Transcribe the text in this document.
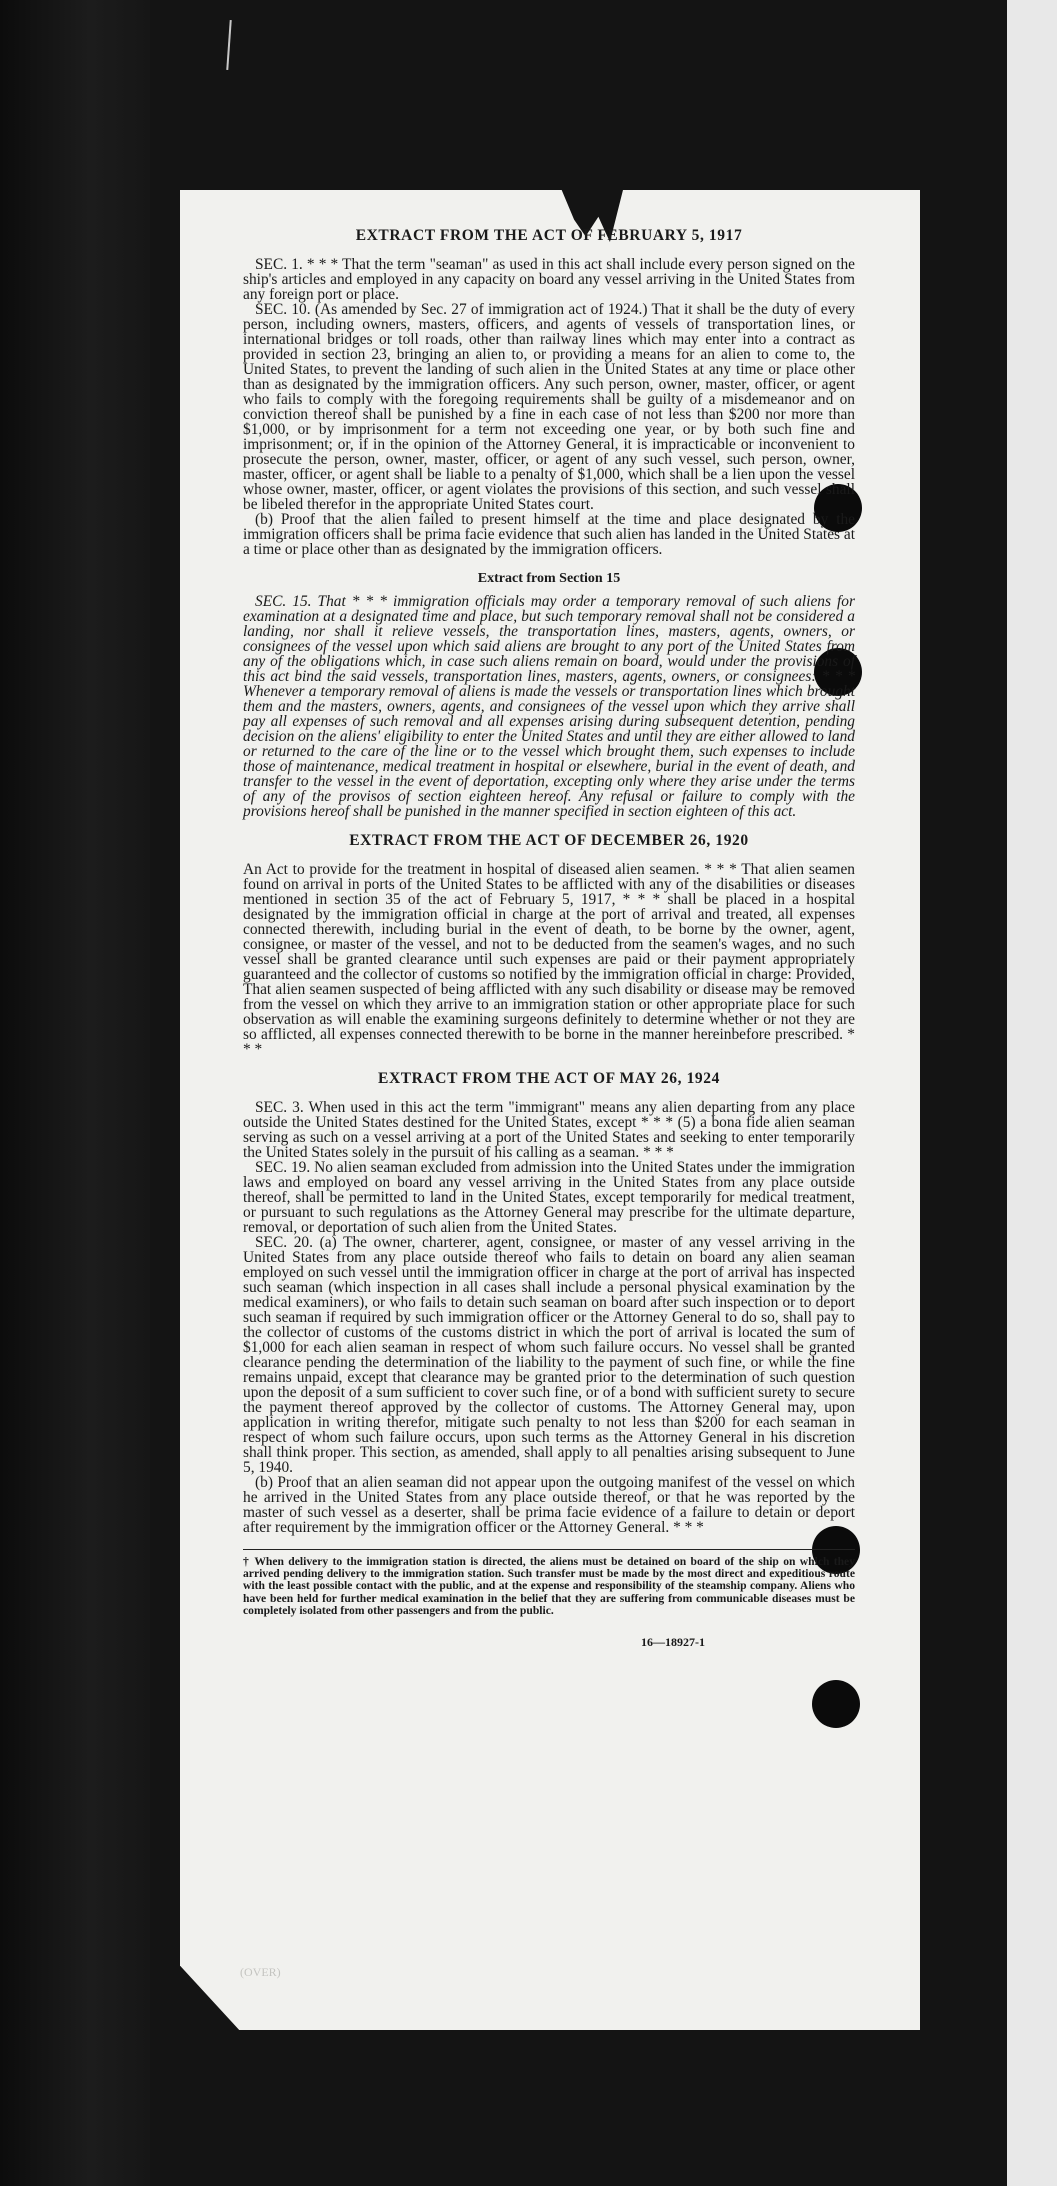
EXTRACT FROM THE ACT OF FEBRUARY 5, 1917

SEC. 1. * * * That the term "seaman" as used in this act shall include every person signed on the ship's articles and employed in any capacity on board any vessel arriving in the United States from any foreign port or place.

SEC. 10. (As amended by Sec. 27 of immigration act of 1924.) That it shall be the duty of every person, including owners, masters, officers, and agents of vessels of transportation lines, or international bridges or toll roads, other than railway lines which may enter into a contract as provided in section 23, bringing an alien to, or providing a means for an alien to come to, the United States, to prevent the landing of such alien in the United States at any time or place other than as designated by the immigration officers. Any such person, owner, master, officer, or agent who fails to comply with the foregoing requirements shall be guilty of a misdemeanor and on conviction thereof shall be punished by a fine in each case of not less than $200 nor more than $1,000, or by imprisonment for a term not exceeding one year, or by both such fine and imprisonment; or, if in the opinion of the Attorney General, it is impracticable or inconvenient to prosecute the person, owner, master, officer, or agent of any such vessel, such person, owner, master, officer, or agent shall be liable to a penalty of $1,000, which shall be a lien upon the vessel whose owner, master, officer, or agent violates the provisions of this section, and such vessel shall be libeled therefor in the appropriate United States court.

(b) Proof that the alien failed to present himself at the time and place designated by the immigration officers shall be prima facie evidence that such alien has landed in the United States at a time or place other than as designated by the immigration officers.

Extract from Section 15

SEC. 15. That * * * immigration officials may order a temporary removal of such aliens for examination at a designated time and place, but such temporary removal shall not be considered a landing, nor shall it relieve vessels, the transportation lines, masters, agents, owners, or consignees of the vessel upon which said aliens are brought to any port of the United States from any of the obligations which, in case such aliens remain on board, would under the provisions of this act bind the said vessels, transportation lines, masters, agents, owners, or consignees: * * * Whenever a temporary removal of aliens is made the vessels or transportation lines which brought them and the masters, owners, agents, and consignees of the vessel upon which they arrive shall pay all expenses of such removal and all expenses arising during subsequent detention, pending decision on the aliens' eligibility to enter the United States and until they are either allowed to land or returned to the care of the line or to the vessel which brought them, such expenses to include those of maintenance, medical treatment in hospital or elsewhere, burial in the event of death, and transfer to the vessel in the event of deportation, excepting only where they arise under the terms of any of the provisos of section eighteen hereof. Any refusal or failure to comply with the provisions hereof shall be punished in the manner specified in section eighteen of this act.

EXTRACT FROM THE ACT OF DECEMBER 26, 1920

An Act to provide for the treatment in hospital of diseased alien seamen. * * * That alien seamen found on arrival in ports of the United States to be afflicted with any of the disabilities or diseases mentioned in section 35 of the act of February 5, 1917, * * * shall be placed in a hospital designated by the immigration official in charge at the port of arrival and treated, all expenses connected therewith, including burial in the event of death, to be borne by the owner, agent, consignee, or master of the vessel, and not to be deducted from the seamen's wages, and no such vessel shall be granted clearance until such expenses are paid or their payment appropriately guaranteed and the collector of customs so notified by the immigration official in charge: Provided, That alien seamen suspected of being afflicted with any such disability or disease may be removed from the vessel on which they arrive to an immigration station or other appropriate place for such observation as will enable the examining surgeons definitely to determine whether or not they are so afflicted, all expenses connected therewith to be borne in the manner hereinbefore prescribed. * * *

EXTRACT FROM THE ACT OF MAY 26, 1924

SEC. 3. When used in this act the term "immigrant" means any alien departing from any place outside the United States destined for the United States, except * * * (5) a bona fide alien seaman serving as such on a vessel arriving at a port of the United States and seeking to enter temporarily the United States solely in the pursuit of his calling as a seaman. * * *

SEC. 19. No alien seaman excluded from admission into the United States under the immigration laws and employed on board any vessel arriving in the United States from any place outside thereof, shall be permitted to land in the United States, except temporarily for medical treatment, or pursuant to such regulations as the Attorney General may prescribe for the ultimate departure, removal, or deportation of such alien from the United States.

SEC. 20. (a) The owner, charterer, agent, consignee, or master of any vessel arriving in the United States from any place outside thereof who fails to detain on board any alien seaman employed on such vessel until the immigration officer in charge at the port of arrival has inspected such seaman (which inspection in all cases shall include a personal physical examination by the medical examiners), or who fails to detain such seaman on board after such inspection or to deport such seaman if required by such immigration officer or the Attorney General to do so, shall pay to the collector of customs of the customs district in which the port of arrival is located the sum of $1,000 for each alien seaman in respect of whom such failure occurs. No vessel shall be granted clearance pending the determination of the liability to the payment of such fine, or while the fine remains unpaid, except that clearance may be granted prior to the determination of such question upon the deposit of a sum sufficient to cover such fine, or of a bond with sufficient surety to secure the payment thereof approved by the collector of customs. The Attorney General may, upon application in writing therefor, mitigate such penalty to not less than $200 for each seaman in respect of whom such failure occurs, upon such terms as the Attorney General in his discretion shall think proper. This section, as amended, shall apply to all penalties arising subsequent to June 5, 1940.

(b) Proof that an alien seaman did not appear upon the outgoing manifest of the vessel on which he arrived in the United States from any place outside thereof, or that he was reported by the master of such vessel as a deserter, shall be prima facie evidence of a failure to detain or deport after requirement by the immigration officer or the Attorney General. * * *

† When delivery to the immigration station is directed, the aliens must be detained on board of the ship on which they arrived pending delivery to the immigration station. Such transfer must be made by the most direct and expeditious route with the least possible contact with the public, and at the expense and responsibility of the steamship company. Aliens who have been held for further medical examination in the belief that they are suffering from communicable diseases must be completely isolated from other passengers and from the public.
16—18927-1
(OVER)
